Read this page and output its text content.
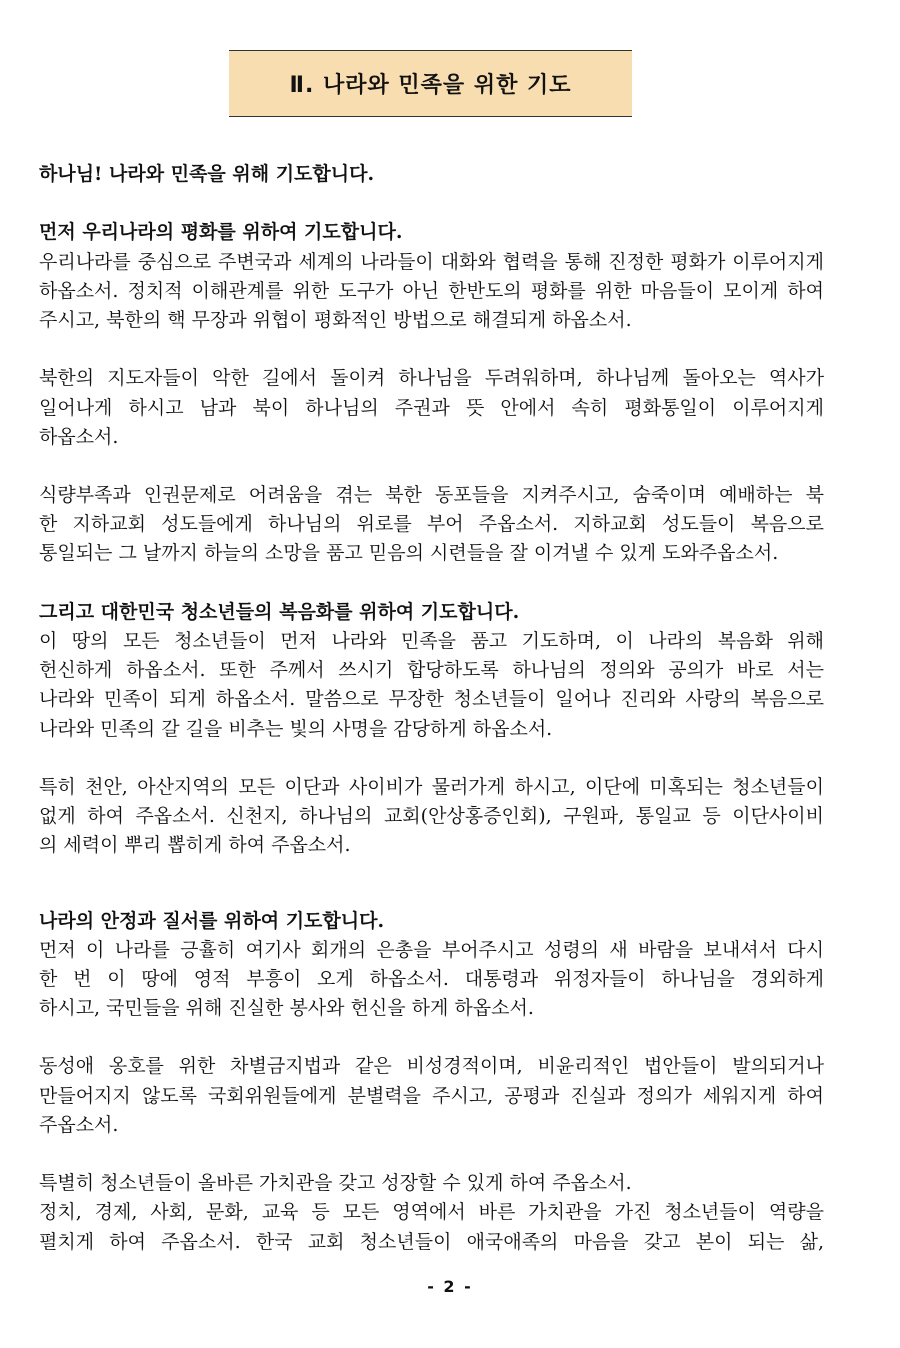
Ⅱ. 나라와 민족을 위한 기도
하나님! 나라와 민족을 위해 기도합니다.
먼저 우리나라의 평화를 위하여 기도합니다.
우리나라를 중심으로 주변국과 세계의 나라들이 대화와 협력을 통해 진정한 평화가 이루어지게
하옵소서. 정치적 이해관계를 위한 도구가 아닌 한반도의 평화를 위한 마음들이 모이게 하여
주시고, 북한의 핵 무장과 위협이 평화적인 방법으로 해결되게 하옵소서.
북한의 지도자들이 악한 길에서 돌이켜 하나님을 두려워하며, 하나님께 돌아오는 역사가
일어나게 하시고 남과 북이 하나님의 주권과 뜻 안에서 속히 평화통일이 이루어지게
하옵소서.
식량부족과 인권문제로 어려움을 겪는 북한 동포들을 지켜주시고, 숨죽이며 예배하는 북
한 지하교회 성도들에게 하나님의 위로를 부어 주옵소서. 지하교회 성도들이 복음으로
통일되는 그 날까지 하늘의 소망을 품고 믿음의 시련들을 잘 이겨낼 수 있게 도와주옵소서.
그리고 대한민국 청소년들의 복음화를 위하여 기도합니다.
이 땅의 모든 청소년들이 먼저 나라와 민족을 품고 기도하며, 이 나라의 복음화 위해
헌신하게 하옵소서. 또한 주께서 쓰시기 합당하도록 하나님의 정의와 공의가 바로 서는
나라와 민족이 되게 하옵소서. 말씀으로 무장한 청소년들이 일어나 진리와 사랑의 복음으로
나라와 민족의 갈 길을 비추는 빛의 사명을 감당하게 하옵소서.
특히 천안, 아산지역의 모든 이단과 사이비가 물러가게 하시고, 이단에 미혹되는 청소년들이
없게 하여 주옵소서. 신천지, 하나님의 교회(안상홍증인회), 구원파, 통일교 등 이단사이비
의 세력이 뿌리 뽑히게 하여 주옵소서.
나라의 안정과 질서를 위하여 기도합니다.
먼저 이 나라를 긍휼히 여기사 회개의 은총을 부어주시고 성령의 새 바람을 보내셔서 다시
한 번 이 땅에 영적 부흥이 오게 하옵소서. 대통령과 위정자들이 하나님을 경외하게
하시고, 국민들을 위해 진실한 봉사와 헌신을 하게 하옵소서.
동성애 옹호를 위한 차별금지법과 같은 비성경적이며, 비윤리적인 법안들이 발의되거나
만들어지지 않도록 국회위원들에게 분별력을 주시고, 공평과 진실과 정의가 세워지게 하여
주옵소서.
특별히 청소년들이 올바른 가치관을 갖고 성장할 수 있게 하여 주옵소서.
정치, 경제, 사회, 문화, 교육 등 모든 영역에서 바른 가치관을 가진 청소년들이 역량을
펼치게 하여 주옵소서. 한국 교회 청소년들이 애국애족의 마음을 갖고 본이 되는 삶,
- 2 -
